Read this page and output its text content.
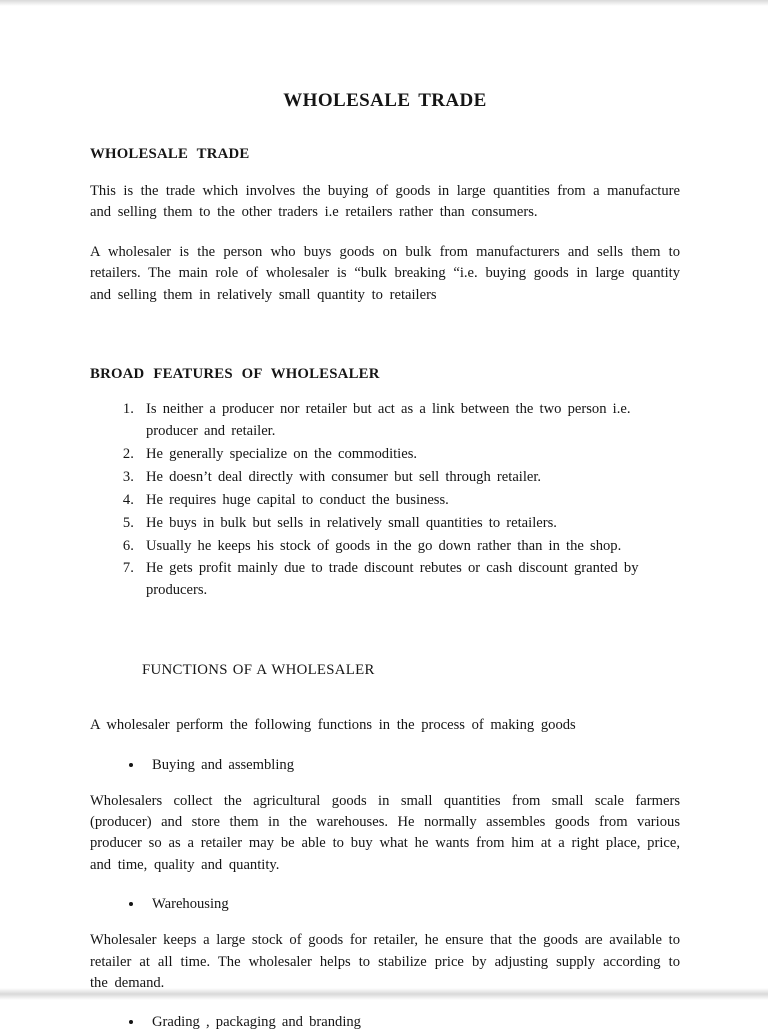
WHOLESALE TRADE
WHOLESALE TRADE

This is the trade which involves the buying of goods in large quantities from a manufacture and selling them to the other traders i.e retailers rather than consumers.

A wholesaler is the person who buys goods on bulk from manufacturers and sells them to retailers. The main role of wholesaler is “bulk breaking “i.e. buying goods in large quantity and selling them in relatively small quantity to retailers

BROAD FEATURES OF WHOLESALER
1. Is neither a producer nor retailer but act as a link between the two person i.e. producer and retailer.
2. He generally specialize on the commodities.
3. He doesn’t deal directly with consumer but sell through retailer.
4. He requires huge capital to conduct the business.
5. He buys in bulk but sells in relatively small quantities to retailers.
6. Usually he keeps his stock of goods in the go down rather than in the shop.
7. He gets profit mainly due to trade discount rebutes or cash discount granted by producers.
FUNCTIONS OF A WHOLESALER

A wholesaler perform the following functions in the process of making goods

• Buying and assembling

Wholesalers collect the agricultural goods in small quantities from small scale farmers (producer) and store them in the warehouses. He normally assembles goods from various producer so as a retailer may be able to buy what he wants from him at a right place, price, and time, quality and quantity.

• Warehousing

Wholesaler keeps a large stock of goods for retailer, he ensure that the goods are available to retailer at all time. The wholesaler helps to stabilize price by adjusting supply according to the demand.

• Grading , packaging and branding
